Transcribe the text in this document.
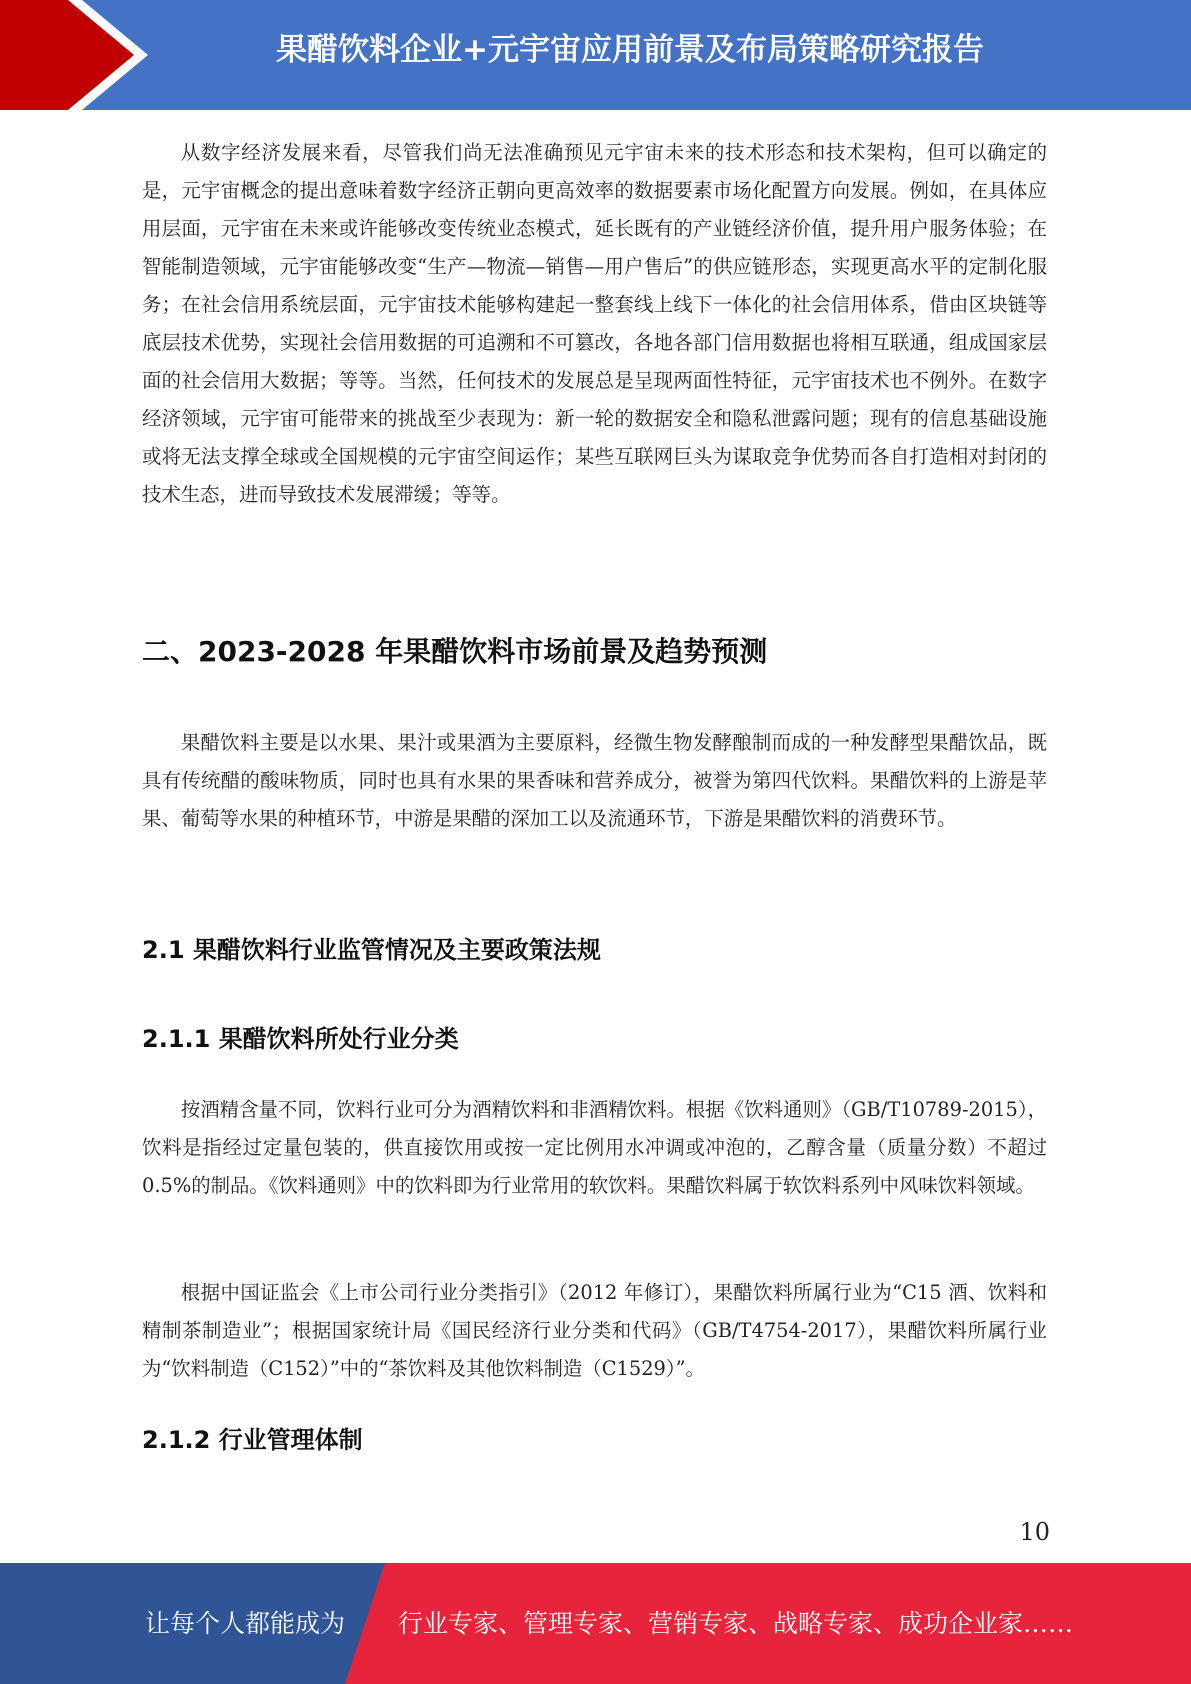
果醋饮料企业+元宇宙应用前景及布局策略研究报告

从数字经济发展来看，尽管我们尚无法准确预见元宇宙未来的技术形态和技术架构，但可以确定的是，元宇宙概念的提出意味着数字经济正朝向更高效率的数据要素市场化配置方向发展。例如，在具体应用层面，元宇宙在未来或许能够改变传统业态模式，延长既有的产业链经济价值，提升用户服务体验；在智能制造领域，元宇宙能够改变“生产—物流—销售—用户售后”的供应链形态，实现更高水平的定制化服务；在社会信用系统层面，元宇宙技术能够构建起一整套线上线下一体化的社会信用体系，借由区块链等底层技术优势，实现社会信用数据的可追溯和不可篡改，各地各部门信用数据也将相互联通，组成国家层面的社会信用大数据；等等。当然，任何技术的发展总是呈现两面性特征，元宇宙技术也不例外。在数字经济领域，元宇宙可能带来的挑战至少表现为：新一轮的数据安全和隐私泄露问题；现有的信息基础设施或将无法支撑全球或全国规模的元宇宙空间运作；某些互联网巨头为谋取竞争优势而各自打造相对封闭的技术生态，进而导致技术发展滞缓；等等。

二、2023-2028 年果醋饮料市场前景及趋势预测

果醋饮料主要是以水果、果汁或果酒为主要原料，经微生物发酵酿制而成的一种发酵型果醋饮品，既具有传统醋的酸味物质，同时也具有水果的果香味和营养成分，被誉为第四代饮料。果醋饮料的上游是苹果、葡萄等水果的种植环节，中游是果醋的深加工以及流通环节，下游是果醋饮料的消费环节。

2.1 果醋饮料行业监管情况及主要政策法规
2.1.1 果醋饮料所处行业分类

按酒精含量不同，饮料行业可分为酒精饮料和非酒精饮料。根据《饮料通则》（GB/T10789-2015），饮料是指经过定量包装的，供直接饮用或按一定比例用水冲调或冲泡的，乙醇含量（质量分数）不超过 0.5%的制品。《饮料通则》中的饮料即为行业常用的软饮料。果醋饮料属于软饮料系列中风味饮料领域。

根据中国证监会《上市公司行业分类指引》（2012 年修订），果醋饮料所属行业为“C15 酒、饮料和精制茶制造业”；根据国家统计局《国民经济行业分类和代码》（GB/T4754-2017），果醋饮料所属行业为“饮料制造（C152）”中的“茶饮料及其他饮料制造（C1529）”。

2.1.2 行业管理体制
10
让每个人都能成为 行业专家、管理专家、营销专家、战略专家、成功企业家……
